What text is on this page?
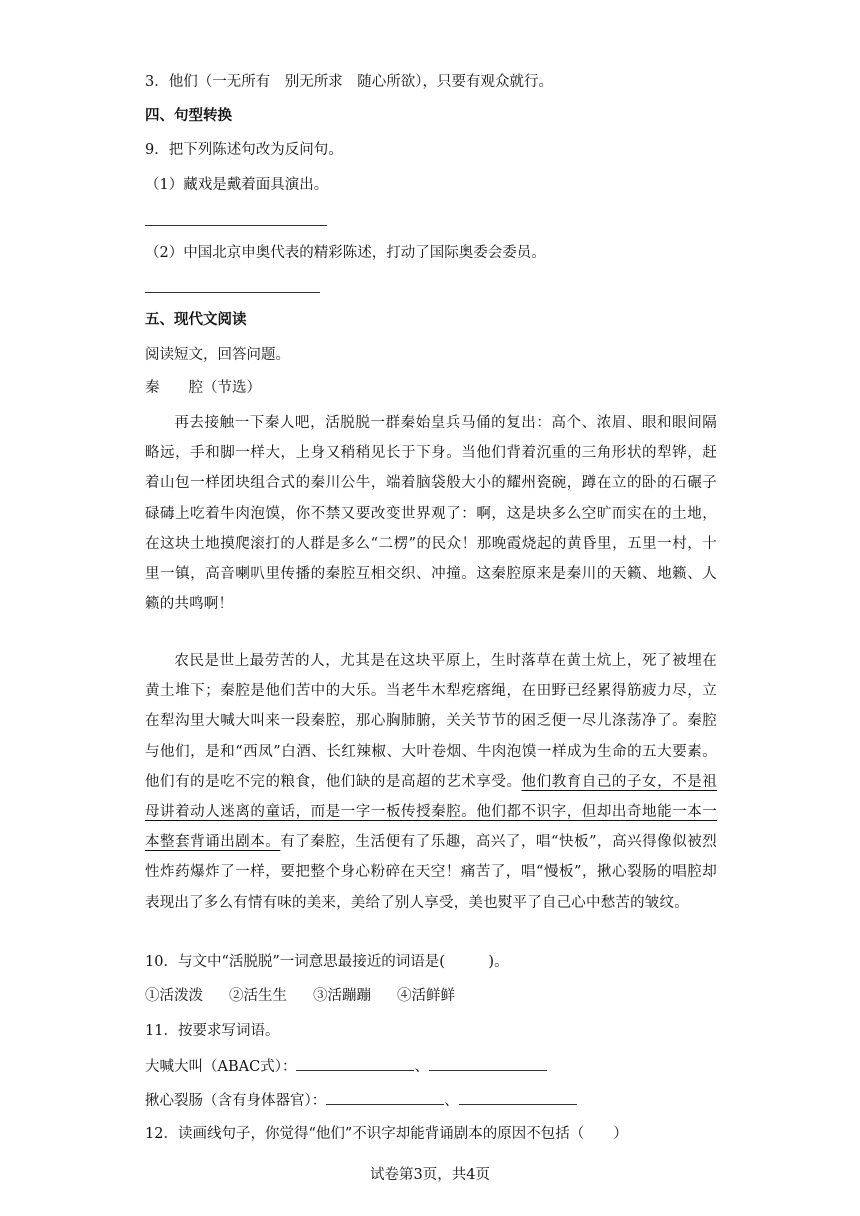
3．他们（一无所有　别无所求　随心所欲），只要有观众就行。
四、句型转换
9．把下列陈述句改为反问句。
（1）藏戏是戴着面具演出。
（2）中国北京申奥代表的精彩陈述，打动了国际奥委会委员。
五、现代文阅读
阅读短文，回答问题。
秦　　腔（节选）
再去接触一下秦人吧，活脱脱一群秦始皇兵马俑的复出：高个、浓眉、眼和眼间隔略远，手和脚一样大，上身又稍稍见长于下身。当他们背着沉重的三角形状的犁铧，赶着山包一样团块组合式的秦川公牛，端着脑袋般大小的耀州瓷碗，蹲在立的卧的石碾子碌碡上吃着牛肉泡馍，你不禁又要改变世界观了：啊，这是块多么空旷而实在的土地，在这块土地摸爬滚打的人群是多么“二楞”的民众！那晚霞烧起的黄昏里，五里一村，十里一镇，高音喇叭里传播的秦腔互相交织、冲撞。这秦腔原来是秦川的天籁、地籁、人籁的共鸣啊！
农民是世上最劳苦的人，尤其是在这块平原上，生时落草在黄土炕上，死了被埋在黄土堆下；秦腔是他们苦中的大乐。当老牛木犁疙瘩绳，在田野已经累得筋疲力尽，立在犁沟里大喊大叫来一段秦腔，那心胸肺腑，关关节节的困乏便一尽儿涤荡净了。秦腔与他们，是和“西凤”白酒、长红辣椒、大叶卷烟、牛肉泡馍一样成为生命的五大要素。他们有的是吃不完的粮食，他们缺的是高超的艺术享受。他们教育自己的子女，不是祖母讲着动人迷离的童话，而是一字一板传授秦腔。他们都不识字，但却出奇地能一本一本整套背诵出剧本。有了秦腔，生活便有了乐趣，高兴了，唱“快板”，高兴得像似被烈性炸药爆炸了一样，要把整个身心粉碎在天空！痛苦了，唱“慢板”，揪心裂肠的唱腔却表现出了多么有情有味的美来，美给了别人享受，美也熨平了自己心中愁苦的皱纹。
10．与文中“活脱脱”一词意思最接近的词语是(　　　)。
①活泼泼 ②活生生 ③活蹦蹦 ④活鲜鲜
11．按要求写词语。
大喊大叫（ABAC式）：	、
揪心裂肠（含有身体器官）：	、
12．读画线句子，你觉得“他们”不识字却能背诵剧本的原因不包括（　　）
试卷第3页，共4页
